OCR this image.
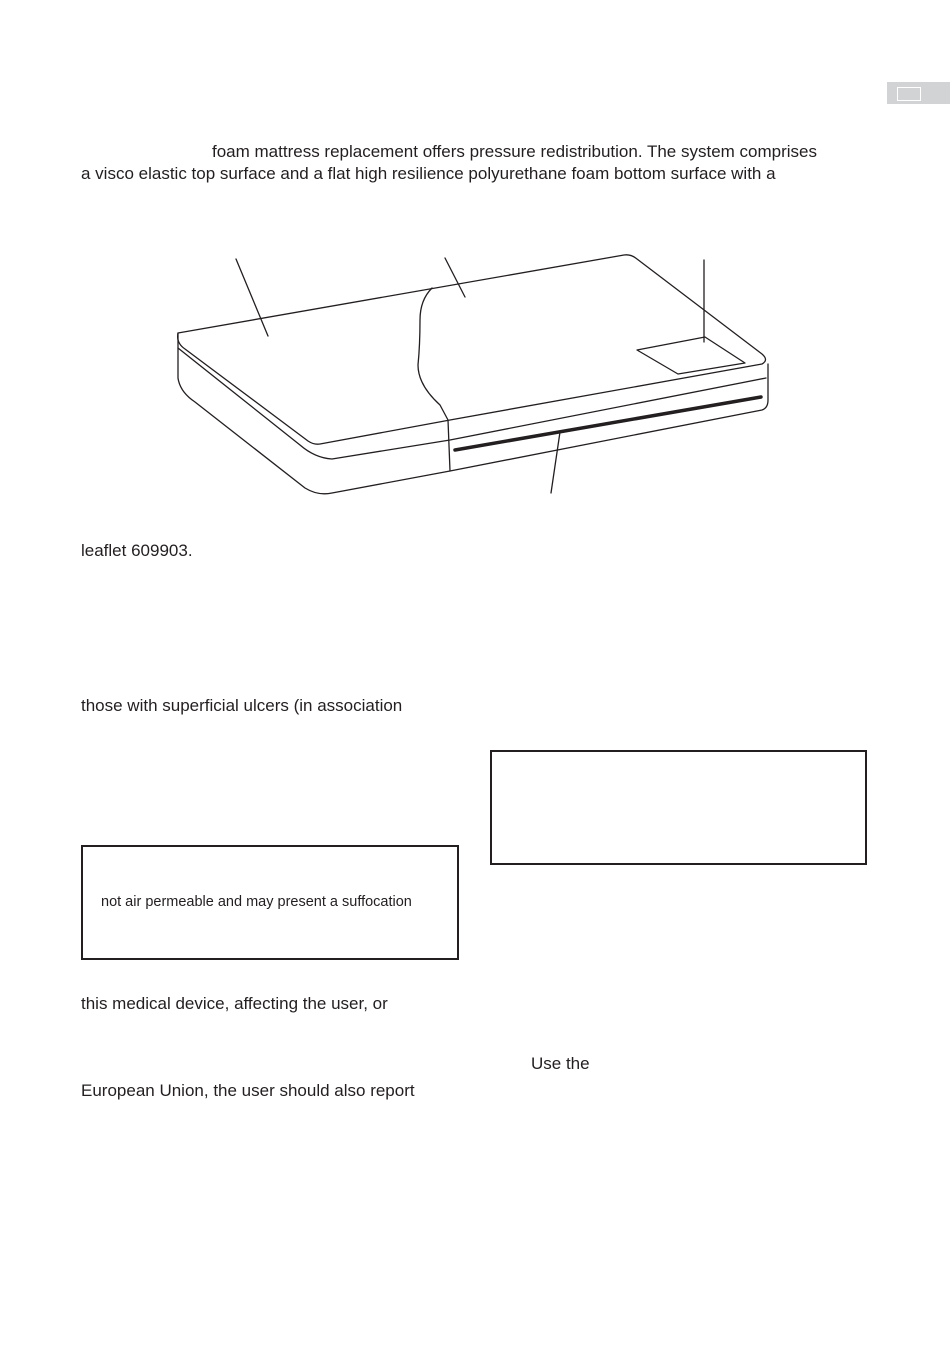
foam mattress replacement offers pressure redistribution. The system comprises
a visco elastic top surface and a flat high resilience polyurethane foam bottom surface with a
leaflet 609903.
those with superficial ulcers (in association
not air permeable and may present a suffocation
this medical device, affecting the user, or
Use the
European Union, the user should also report
